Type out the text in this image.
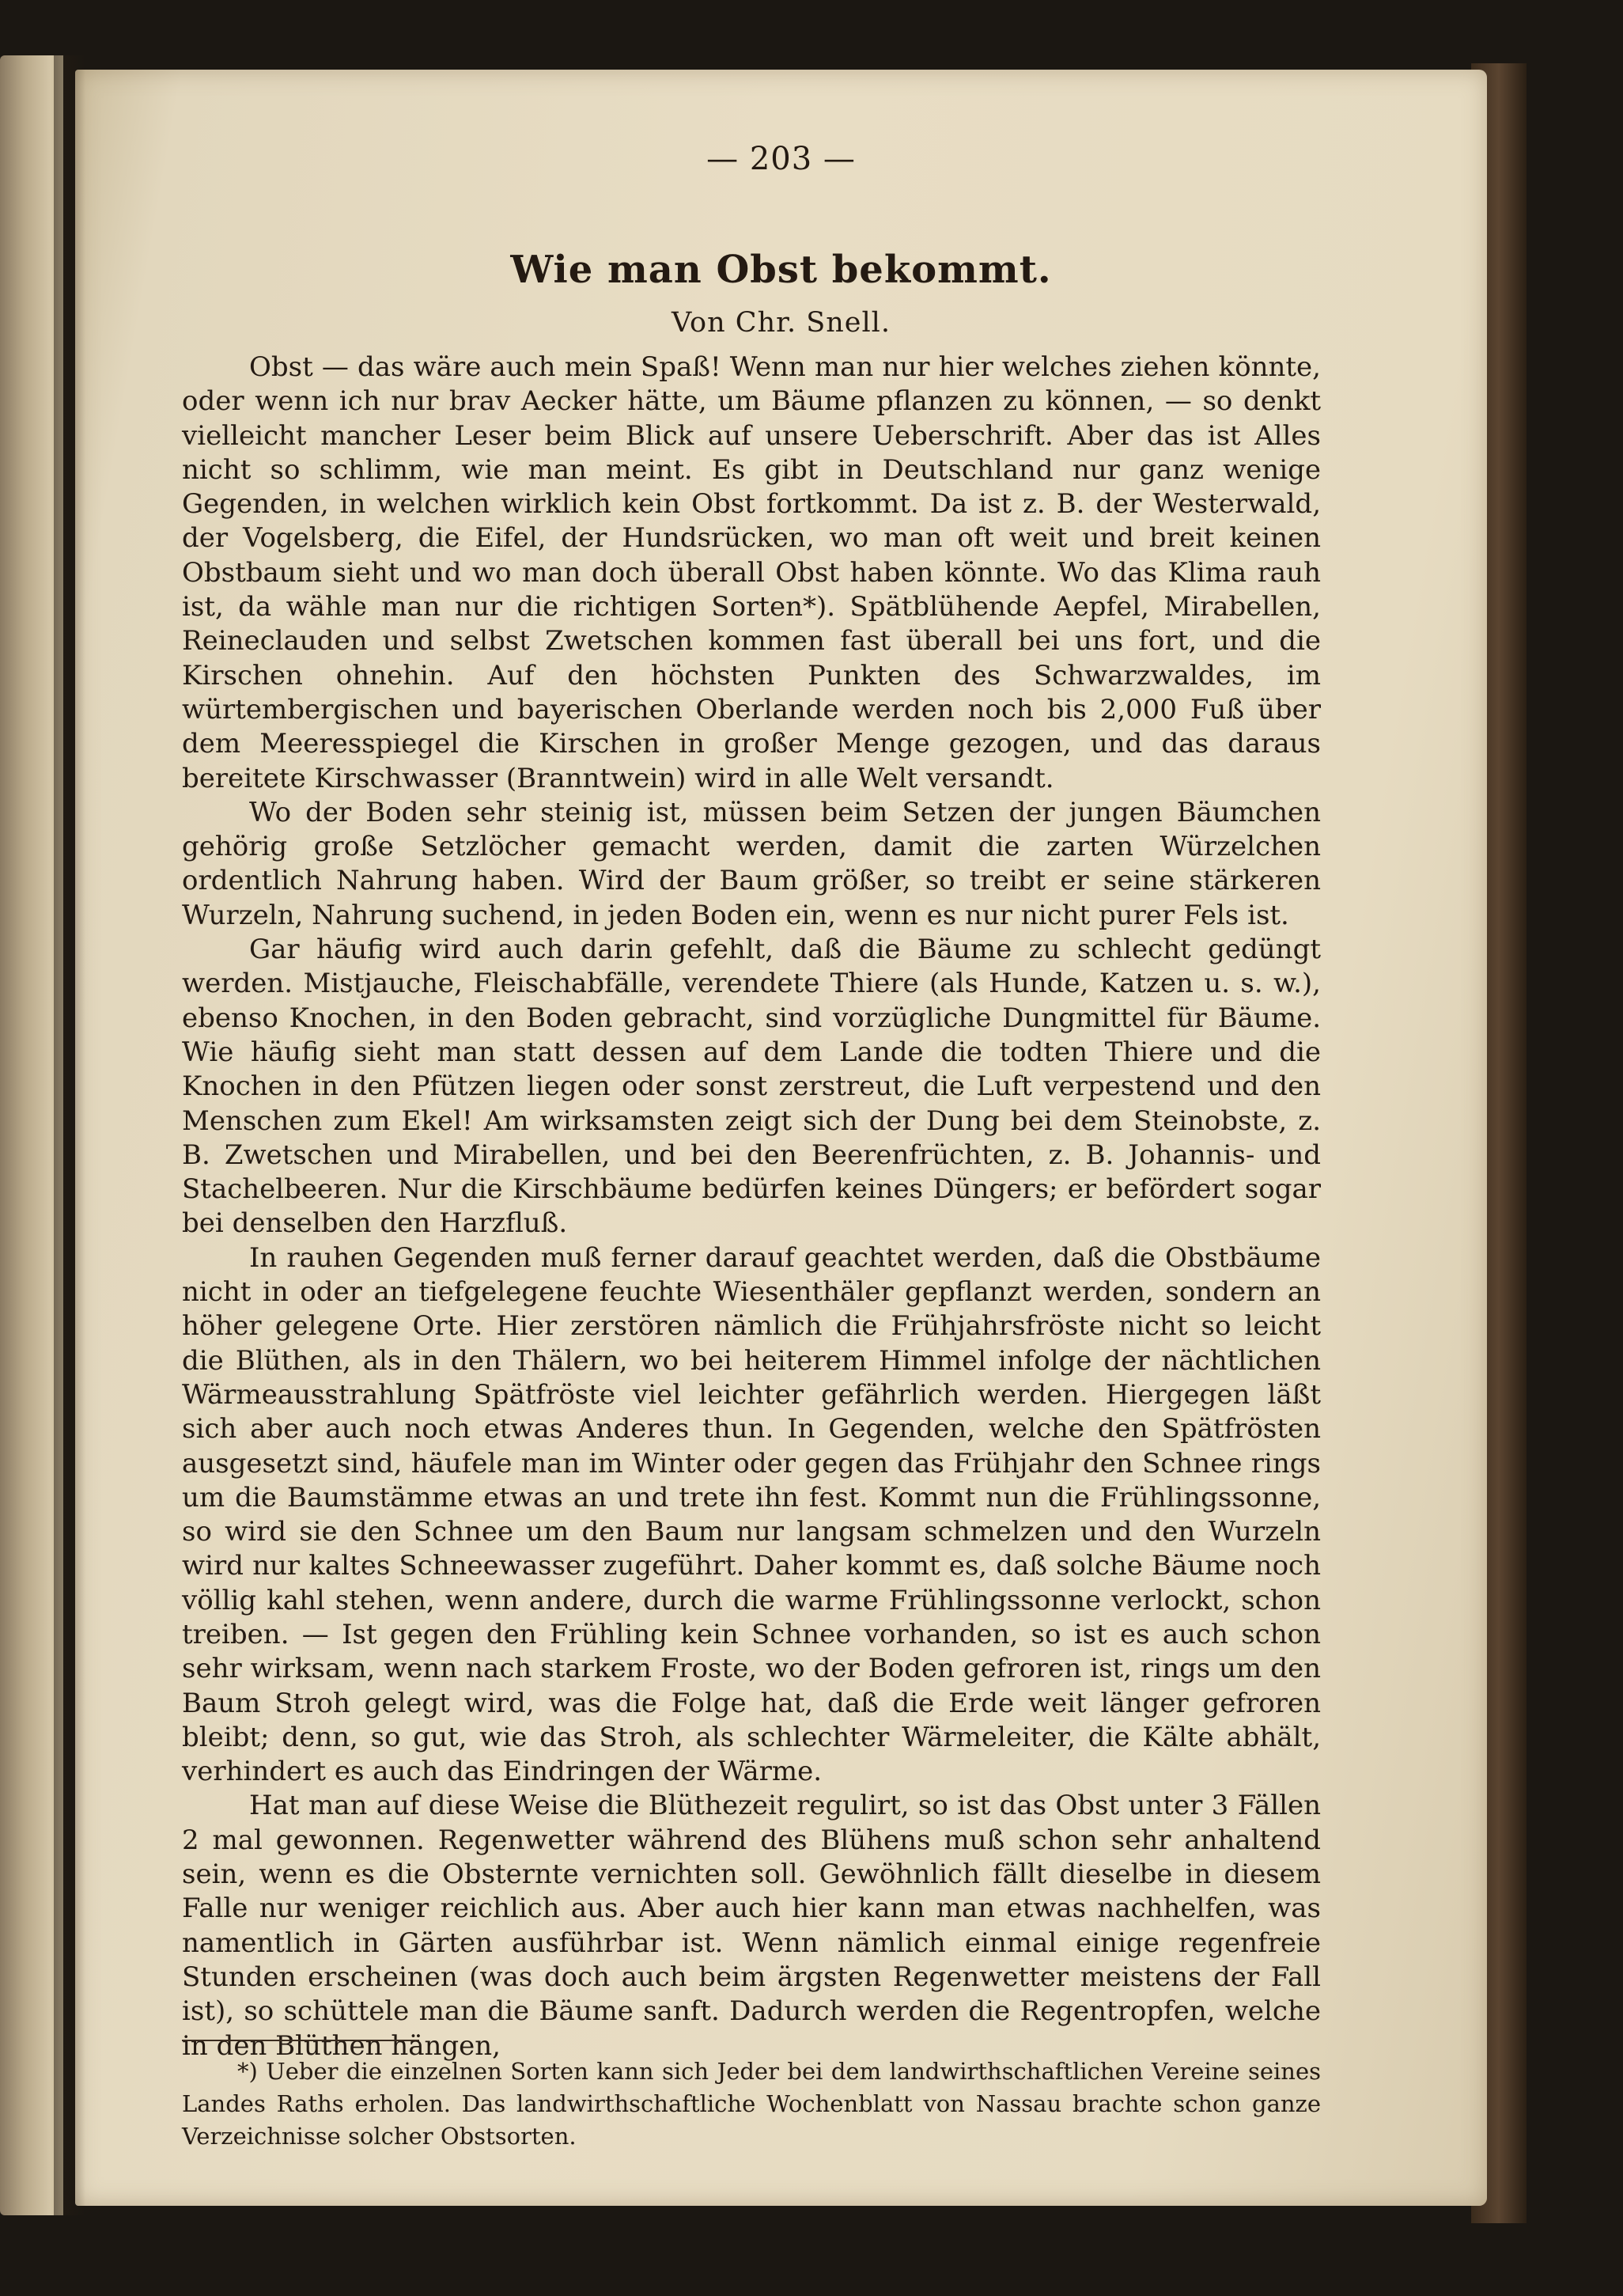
— 203 —
Wie man Obst bekommt.
Von Chr. Snell.

Obst — das wäre auch mein Spaß! Wenn man nur hier welches ziehen könnte, oder wenn ich nur brav Aecker hätte, um Bäume pflanzen zu können, — so denkt vielleicht mancher Leser beim Blick auf unsere Ueberschrift. Aber das ist Alles nicht so schlimm, wie man meint. Es gibt in Deutschland nur ganz wenige Gegenden, in welchen wirklich kein Obst fortkommt. Da ist z. B. der Westerwald, der Vogelsberg, die Eifel, der Hundsrücken, wo man oft weit und breit keinen Obstbaum sieht und wo man doch überall Obst haben könnte. Wo das Klima rauh ist, da wähle man nur die richtigen Sorten*). Spätblühende Aepfel, Mirabellen, Reineclauden und selbst Zwetschen kommen fast überall bei uns fort, und die Kirschen ohnehin. Auf den höchsten Punkten des Schwarzwaldes, im würtembergischen und bayerischen Oberlande werden noch bis 2,000 Fuß über dem Meeresspiegel die Kirschen in großer Menge gezogen, und das daraus bereitete Kirschwasser (Branntwein) wird in alle Welt versandt.

Wo der Boden sehr steinig ist, müssen beim Setzen der jungen Bäumchen gehörig große Setzlöcher gemacht werden, damit die zarten Würzelchen ordentlich Nahrung haben. Wird der Baum größer, so treibt er seine stärkeren Wurzeln, Nahrung suchend, in jeden Boden ein, wenn es nur nicht purer Fels ist.

Gar häufig wird auch darin gefehlt, daß die Bäume zu schlecht gedüngt werden. Mistjauche, Fleischabfälle, verendete Thiere (als Hunde, Katzen u. s. w.), ebenso Knochen, in den Boden gebracht, sind vorzügliche Dungmittel für Bäume. Wie häufig sieht man statt dessen auf dem Lande die todten Thiere und die Knochen in den Pfützen liegen oder sonst zerstreut, die Luft verpestend und den Menschen zum Ekel! Am wirksamsten zeigt sich der Dung bei dem Steinobste, z. B. Zwetschen und Mirabellen, und bei den Beerenfrüchten, z. B. Johannis- und Stachelbeeren. Nur die Kirschbäume bedürfen keines Düngers; er befördert sogar bei denselben den Harzfluß.

In rauhen Gegenden muß ferner darauf geachtet werden, daß die Obstbäume nicht in oder an tiefgelegene feuchte Wiesenthäler gepflanzt werden, sondern an höher gelegene Orte. Hier zerstören nämlich die Frühjahrsfröste nicht so leicht die Blüthen, als in den Thälern, wo bei heiterem Himmel infolge der nächtlichen Wärmeausstrahlung Spätfröste viel leichter gefährlich werden. Hiergegen läßt sich aber auch noch etwas Anderes thun. In Gegenden, welche den Spätfrösten ausgesetzt sind, häufele man im Winter oder gegen das Frühjahr den Schnee rings um die Baumstämme etwas an und trete ihn fest. Kommt nun die Frühlingssonne, so wird sie den Schnee um den Baum nur langsam schmelzen und den Wurzeln wird nur kaltes Schneewasser zugeführt. Daher kommt es, daß solche Bäume noch völlig kahl stehen, wenn andere, durch die warme Frühlingssonne verlockt, schon treiben. — Ist gegen den Frühling kein Schnee vorhanden, so ist es auch schon sehr wirksam, wenn nach starkem Froste, wo der Boden gefroren ist, rings um den Baum Stroh gelegt wird, was die Folge hat, daß die Erde weit länger gefroren bleibt; denn, so gut, wie das Stroh, als schlechter Wärmeleiter, die Kälte abhält, verhindert es auch das Eindringen der Wärme.

Hat man auf diese Weise die Blüthezeit regulirt, so ist das Obst unter 3 Fällen 2 mal gewonnen. Regenwetter während des Blühens muß schon sehr anhaltend sein, wenn es die Obsternte vernichten soll. Gewöhnlich fällt dieselbe in diesem Falle nur weniger reichlich aus. Aber auch hier kann man etwas nachhelfen, was namentlich in Gärten ausführbar ist. Wenn nämlich einmal einige regenfreie Stunden erscheinen (was doch auch beim ärgsten Regenwetter meistens der Fall ist), so schüttele man die Bäume sanft. Dadurch werden die Regentropfen, welche in den Blüthen hängen,

*) Ueber die einzelnen Sorten kann sich Jeder bei dem landwirthschaftlichen Vereine seines Landes Raths erholen. Das landwirthschaftliche Wochenblatt von Nassau brachte schon ganze Verzeichnisse solcher Obstsorten.
